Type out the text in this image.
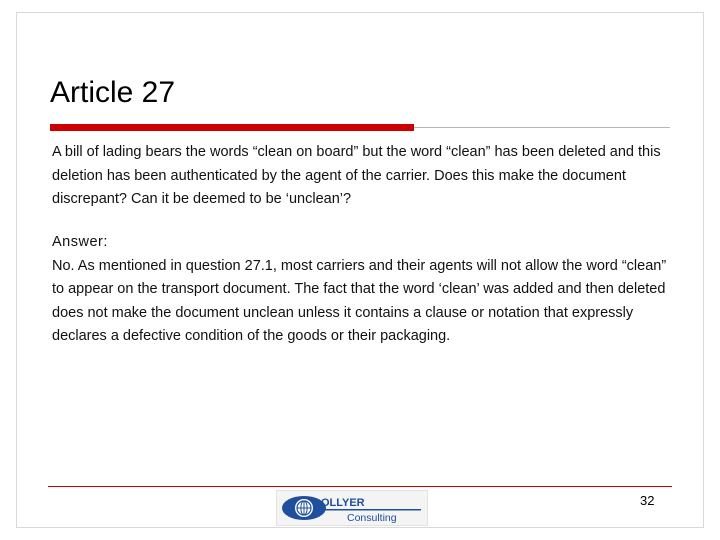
Article 27
A bill of lading bears the words “clean on board” but the word “clean” has been deleted and this deletion has been authenticated by the agent of the carrier. Does this make the document discrepant? Can it be deemed to be ‘unclean’?
Answer:
No. As mentioned in question 27.1, most carriers and their agents will not allow the word “clean” to appear on the transport document. The fact that the word ‘clean’ was added and then deleted does not make the document unclean unless it contains a clause or notation that expressly declares a defective condition of the goods or their packaging.
OLLYER
Consulting
32
